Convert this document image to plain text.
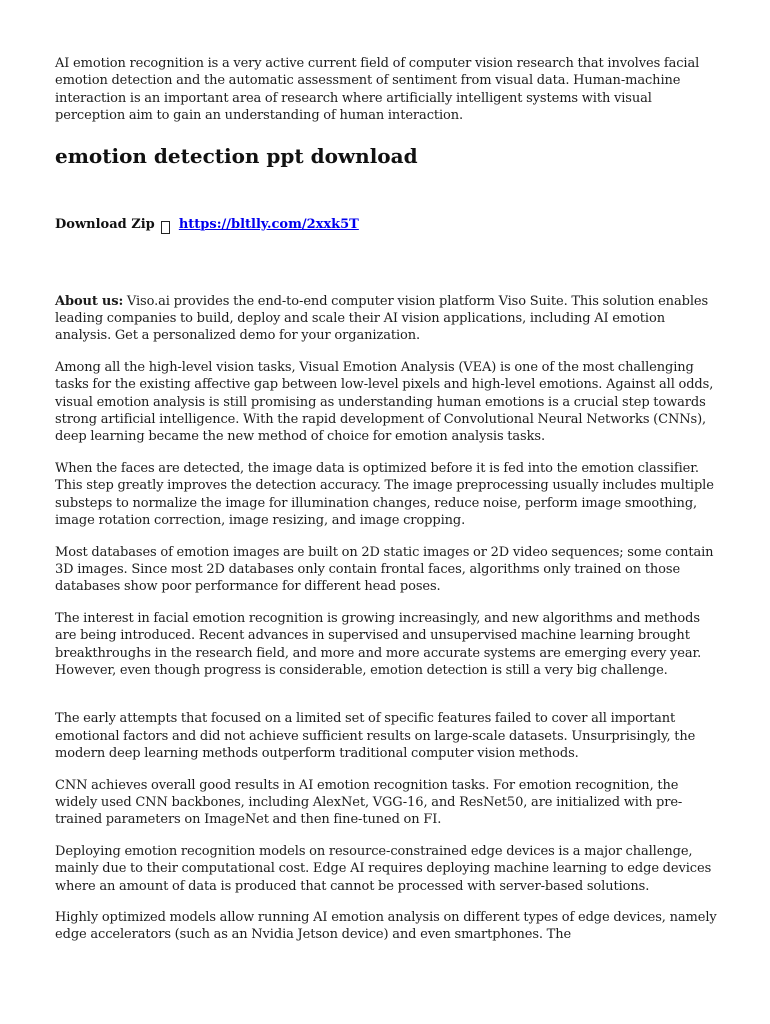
AI emotion recognition is a very active current field of computer vision research that involves facial emotion detection and the automatic assessment of sentiment from visual data. Human-machine interaction is an important area of research where artificially intelligent systems with visual perception aim to gain an understanding of human interaction.

emotion detection ppt download
Download Zip https://bltlly.com/2xxk5T

About us: Viso.ai provides the end-to-end computer vision platform Viso Suite. This solution enables leading companies to build, deploy and scale their AI vision applications, including AI emotion analysis. Get a personalized demo for your organization.

Among all the high-level vision tasks, Visual Emotion Analysis (VEA) is one of the most challenging tasks for the existing affective gap between low-level pixels and high-level emotions. Against all odds, visual emotion analysis is still promising as understanding human emotions is a crucial step towards strong artificial intelligence. With the rapid development of Convolutional Neural Networks (CNNs), deep learning became the new method of choice for emotion analysis tasks.

When the faces are detected, the image data is optimized before it is fed into the emotion classifier. This step greatly improves the detection accuracy. The image preprocessing usually includes multiple substeps to normalize the image for illumination changes, reduce noise, perform image smoothing, image rotation correction, image resizing, and image cropping.

Most databases of emotion images are built on 2D static images or 2D video sequences; some contain 3D images. Since most 2D databases only contain frontal faces, algorithms only trained on those databases show poor performance for different head poses.

The interest in facial emotion recognition is growing increasingly, and new algorithms and methods are being introduced. Recent advances in supervised and unsupervised machine learning brought breakthroughs in the research field, and more and more accurate systems are emerging every year. However, even though progress is considerable, emotion detection is still a very big challenge.

The early attempts that focused on a limited set of specific features failed to cover all important emotional factors and did not achieve sufficient results on large-scale datasets. Unsurprisingly, the modern deep learning methods outperform traditional computer vision methods.

CNN achieves overall good results in AI emotion recognition tasks. For emotion recognition, the widely used CNN backbones, including AlexNet, VGG-16, and ResNet50, are initialized with pre-trained parameters on ImageNet and then fine-tuned on FI.

Deploying emotion recognition models on resource-constrained edge devices is a major challenge, mainly due to their computational cost. Edge AI requires deploying machine learning to edge devices where an amount of data is produced that cannot be processed with server-based solutions.

Highly optimized models allow running AI emotion analysis on different types of edge devices, namely edge accelerators (such as an Nvidia Jetson device) and even smartphones. The
